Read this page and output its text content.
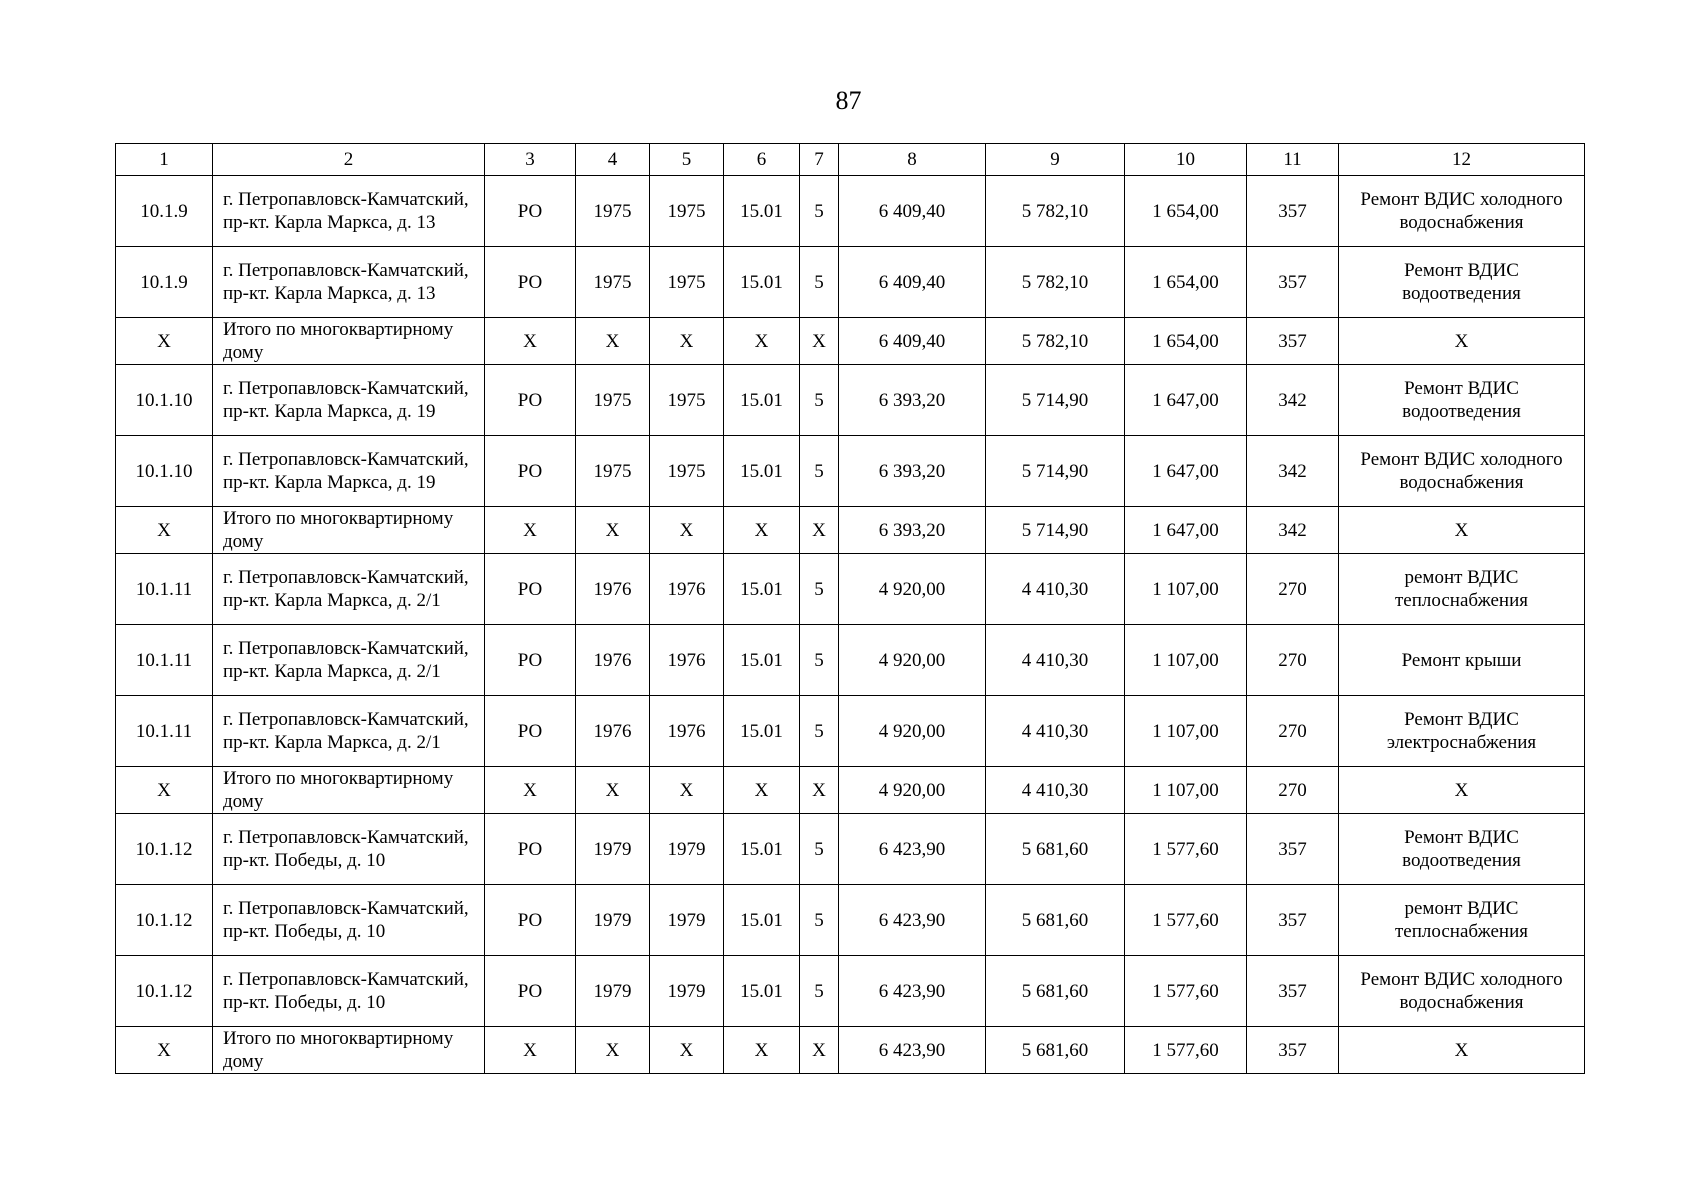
87
1	2	3	4	5	6	7	8	9	10	11	12
10.1.9	г. Петропавловск-Камчатский, пр-кт. Карла Маркса, д. 13	РО	1975	1975	15.01	5	6 409,40	5 782,10	1 654,00	357	Ремонт ВДИС холодного водоснабжения
10.1.9	г. Петропавловск-Камчатский, пр-кт. Карла Маркса, д. 13	РО	1975	1975	15.01	5	6 409,40	5 782,10	1 654,00	357	Ремонт ВДИС водоотведения
Х	Итого по многоквартирному дому	Х	Х	Х	Х	Х	6 409,40	5 782,10	1 654,00	357	Х
10.1.10	г. Петропавловск-Камчатский, пр-кт. Карла Маркса, д. 19	РО	1975	1975	15.01	5	6 393,20	5 714,90	1 647,00	342	Ремонт ВДИС водоотведения
10.1.10	г. Петропавловск-Камчатский, пр-кт. Карла Маркса, д. 19	РО	1975	1975	15.01	5	6 393,20	5 714,90	1 647,00	342	Ремонт ВДИС холодного водоснабжения
Х	Итого по многоквартирному дому	Х	Х	Х	Х	Х	6 393,20	5 714,90	1 647,00	342	Х
10.1.11	г. Петропавловск-Камчатский, пр-кт. Карла Маркса, д. 2/1	РО	1976	1976	15.01	5	4 920,00	4 410,30	1 107,00	270	ремонт ВДИС теплоснабжения
10.1.11	г. Петропавловск-Камчатский, пр-кт. Карла Маркса, д. 2/1	РО	1976	1976	15.01	5	4 920,00	4 410,30	1 107,00	270	Ремонт крыши
10.1.11	г. Петропавловск-Камчатский, пр-кт. Карла Маркса, д. 2/1	РО	1976	1976	15.01	5	4 920,00	4 410,30	1 107,00	270	Ремонт ВДИС электроснабжения
Х	Итого по многоквартирному дому	Х	Х	Х	Х	Х	4 920,00	4 410,30	1 107,00	270	Х
10.1.12	г. Петропавловск-Камчатский, пр-кт. Победы, д. 10	РО	1979	1979	15.01	5	6 423,90	5 681,60	1 577,60	357	Ремонт ВДИС водоотведения
10.1.12	г. Петропавловск-Камчатский, пр-кт. Победы, д. 10	РО	1979	1979	15.01	5	6 423,90	5 681,60	1 577,60	357	ремонт ВДИС теплоснабжения
10.1.12	г. Петропавловск-Камчатский, пр-кт. Победы, д. 10	РО	1979	1979	15.01	5	6 423,90	5 681,60	1 577,60	357	Ремонт ВДИС холодного водоснабжения
Х	Итого по многоквартирному дому	Х	Х	Х	Х	Х	6 423,90	5 681,60	1 577,60	357	Х
